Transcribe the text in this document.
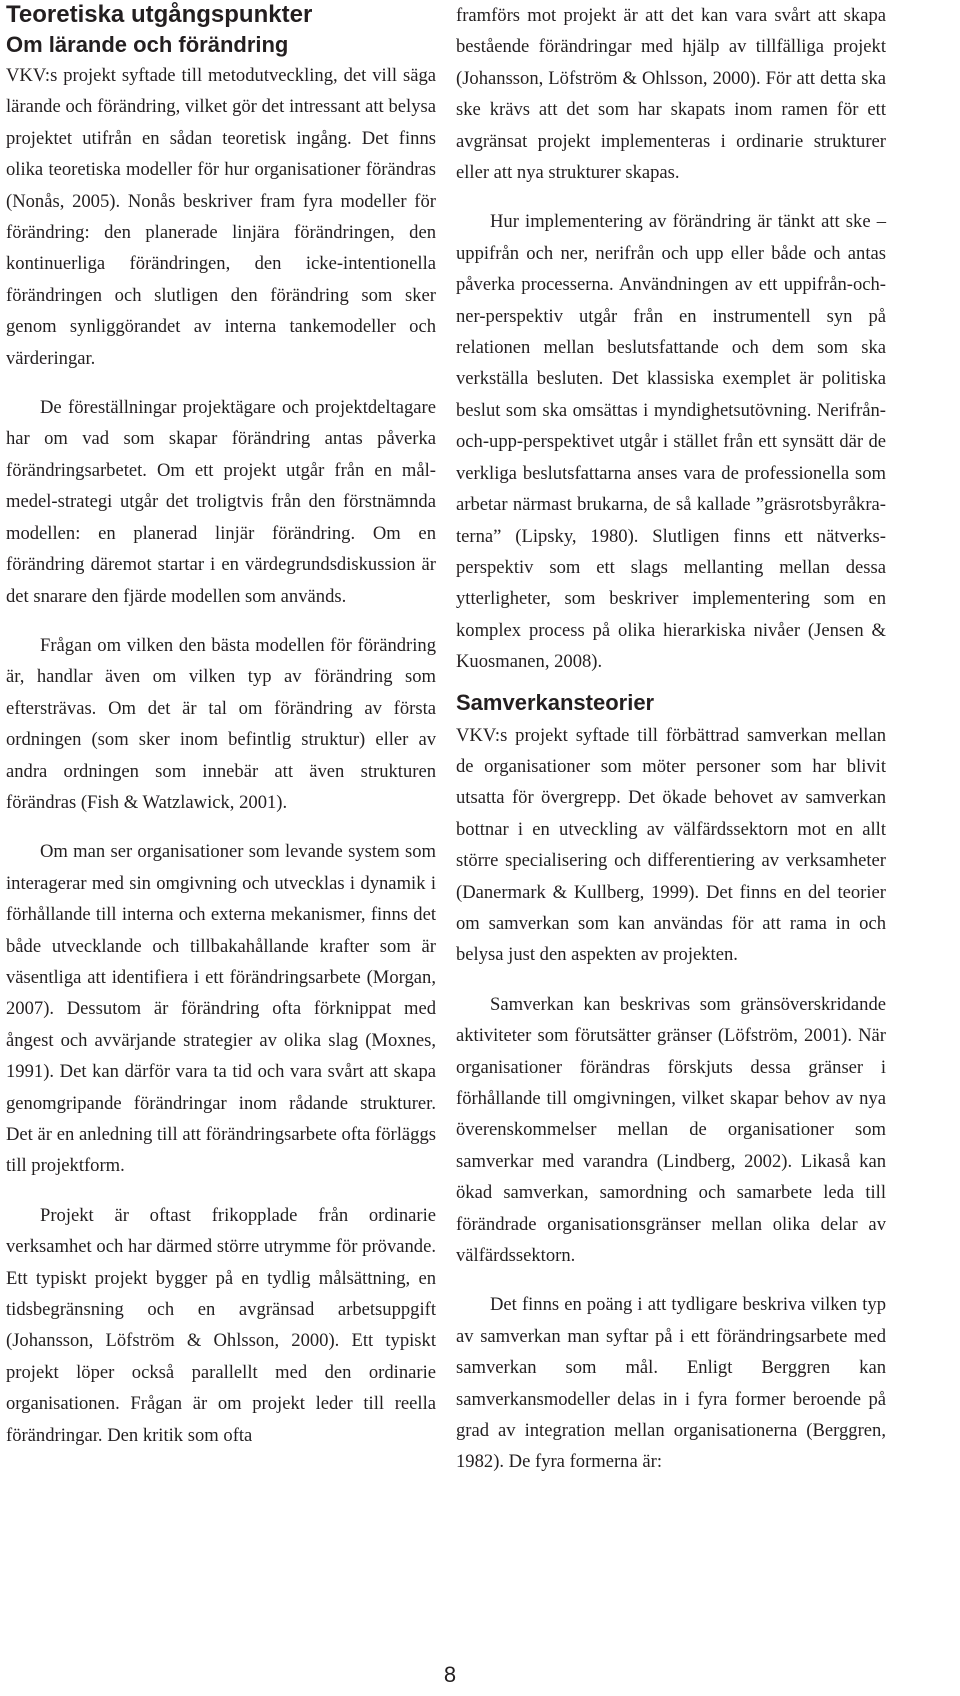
Teoretiska utgångspunkter
Om lärande och förändring

VKV:s projekt syftade till metodutveckling, det vill säga lärande och förändring, vilket gör det intressant att belysa projektet utifrån en sådan teoretisk ingång. Det finns olika teoretiska modeller för hur organisationer förändras (Nonås, 2005). Nonås beskriver fram fyra modeller för förändring: den planerade linjära förändringen, den kontinuerliga förändringen, den icke-intentionella förändringen och slutligen den förändring som sker genom synliggörandet av interna tankemodeller och värderingar.

De föreställningar projektägare och projektdeltagare har om vad som skapar förändring antas påverka förändringsarbetet. Om ett projekt utgår från en mål-medel-strategi utgår det troligtvis från den förstnämnda modellen: en planerad linjär förändring. Om en förändring däremot startar i en värdegrundsdiskussion är det snarare den fjärde modellen som används.

Frågan om vilken den bästa modellen för förändring är, handlar även om vilken typ av förändring som eftersträvas. Om det är tal om förändring av första ordningen (som sker inom befintlig struktur) eller av andra ordningen som innebär att även strukturen förändras (Fish & Watzlawick, 2001).

Om man ser organisationer som levande system som interagerar med sin omgivning och utvecklas i dynamik i förhållande till interna och externa mekanismer, finns det både utvecklande och tillbakahållande krafter som är väsentliga att identifiera i ett förändringsarbete (Morgan, 2007). Dessutom är förändring ofta förknippat med ångest och avvärjande strategier av olika slag (Moxnes, 1991). Det kan därför vara ta tid och vara svårt att skapa genomgripande förändringar inom rådande strukturer. Det är en anledning till att förändringsarbete ofta förläggs till projektform.

Projekt är oftast frikopplade från ordinarie verksamhet och har därmed större utrymme för prövande. Ett typiskt projekt bygger på en tydlig målsättning, en tidsbegränsning och en avgränsad arbetsuppgift (Johansson, Löfström & Ohlsson, 2000). Ett typiskt projekt löper också parallellt med den ordinarie organisationen. Frågan är om projekt leder till reella förändringar. Den kritik som ofta

framförs mot projekt är att det kan vara svårt att skapa bestående förändringar med hjälp av tillfälliga projekt (Johansson, Löfström & Ohlsson, 2000). För att detta ska ske krävs att det som har skapats inom ramen för ett avgränsat projekt implementeras i ordinarie strukturer eller att nya strukturer skapas.

Hur implementering av förändring är tänkt att ske – uppifrån och ner, nerifrån och upp eller både och antas påverka processerna. Användningen av ett uppifrån-och-ner-perspektiv utgår från en instrumentell syn på relationen mellan beslutsfattande och dem som ska verkställa besluten. Det klassiska exemplet är politiska beslut som ska omsättas i myndighetsutövning. Nerifrån-och-upp-perspektivet utgår i stället från ett synsätt där de verkliga beslutsfattarna anses vara de professionella som arbetar närmast brukarna, de så kallade ”gräsrotsbyråkraterna” (Lipsky, 1980). Slutligen finns ett nätverksperspektiv som ett slags mellanting mellan dessa ytterligheter, som beskriver implementering som en komplex process på olika hierarkiska nivåer (Jensen & Kuosmanen, 2008).

Samverkansteorier

VKV:s projekt syftade till förbättrad samverkan mellan de organisationer som möter personer som har blivit utsatta för övergrepp. Det ökade behovet av samverkan bottnar i en utveckling av välfärdssektorn mot en allt större specialisering och differentiering av verksamheter (Danermark & Kullberg, 1999). Det finns en del teorier om samverkan som kan användas för att rama in och belysa just den aspekten av projekten.

Samverkan kan beskrivas som gränsöverskridande aktiviteter som förutsätter gränser (Löfström, 2001). När organisationer förändras förskjuts dessa gränser i förhållande till omgivningen, vilket skapar behov av nya överenskommelser mellan de organisationer som samverkar med varandra (Lindberg, 2002). Likaså kan ökad samverkan, samordning och samarbete leda till förändrade organisationsgränser mellan olika delar av välfärdssektorn.

Det finns en poäng i att tydligare beskriva vilken typ av samverkan man syftar på i ett förändringsarbete med samverkan som mål. Enligt Berggren kan samverkansmodeller delas in i fyra former beroende på grad av integration mellan organisationerna (Berggren, 1982). De fyra formerna är:

8
